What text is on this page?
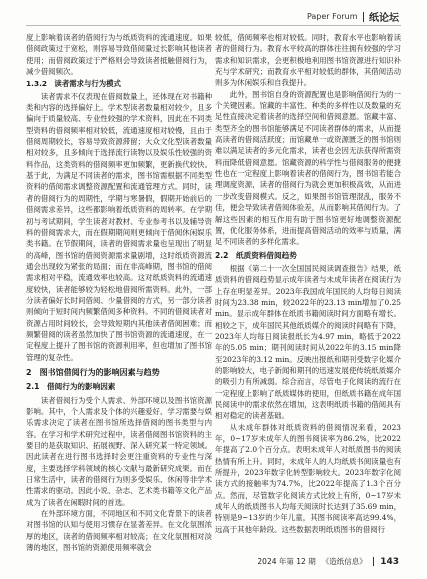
Paper Forum 纸论坛

度上影响着读者的借阅行为与纸质资料的流通速度。如果借阅政策过于宽松，则容易导致借阅量过长影响其他读者使用；而借阅政策过于严格则会导致读者抵触借阅行为，减少借阅频次。

1.3.2　读者需求与行为模式

读者需求不仅表现在借阅数量上，还体现在对书籍种类和内容的选择偏好上。学术型读者数量相对较少，且多偏向于质量较高、专业性较强的学术资料，因此在不同类型资料的借阅频率相对较低，流通速度相对较慢，且由于借阅周期较长，容易导致资源滞留；大众文化型读者数量相对较多，且多倾向于选择流行读物以及娱乐性较强的资料作品，这类资料的借阅频率更加频繁，更新换代较快。基于此，为满足不同读者的需求，图书馆需根据不同类型资料的借阅需求调整资源配置和流通管理方式。同时，读者的借阅行为的周期性，学期与寒暑假，假期开始前后的借阅需求差异，这些都影响着纸质资料的周转率。在学期初与考试期间，学生读者对教材、专业参考书以及辅导资料的借阅需求大，而在假期期间则更倾向于借阅休闲娱乐类书籍。在节假期间，读者的借阅需求量也呈现出了明显的高峰，图书馆的借阅资源需求量剧增，这时纸质资源流通会出现较为紧张的局面；而在非高峰期，图书馆的借阅需求相对平稳，流通效率也较高。这对纸质资料的流通速度较快，读者能够较为轻松地借阅所需资料。此外，一部分读者偏好长时间借阅、少量借阅的方式，另一部分读者则倾向于短时间内频繁借阅多种资料。不同的借阅读者对资源占用时间较长，会导致短期内其他读者借阅困难；而频繁借阅的读者虽然加快了图书馆资源的流通速度，在一定程度上提升了图书馆的资源利用率，但也增加了图书馆管理的复杂性。

2　图书馆借阅行为的影响因素与趋势

2.1　借阅行为的影响因素

读者借阅行为受个人需求、外部环境以及图书馆资源影响。其中，个人需求及个体的兴趣爱好、学习需要与娱乐需求决定了读者在图书馆所选择借阅的图书类型与内容。在学习和学术研究过程中，读者借阅图书馆资料的主要目的是获取知识、拓展视野、深入研究某一特定领域。因此读者在进行图书选择时会更注重资料的专业性与深度，主要选择学科领域的核心文献与最新研究成果。而在日常生活中，读者的借阅行为则多受娱乐、休闲等非学术性需求的驱动。因此小说、杂志、艺术类书籍等文化产品成为了读者在闲暇时间的首选。

在外部环境方面，不同地区和不同文化背景下的读者对图书馆的认知与使用习惯存在显著差异。在文化氛围浓厚的地区，读者的借阅频率相对较高；在文化氛围相对淡薄的地区，图书馆的资源使用频率就会

较低，借阅频率也相对较低。同时，教育水平也影响着读者的借阅行为。教育水平较高的群体往往拥有较强的学习需求和知识需求，会更积极地利用图书馆资源进行知识补充与学术研究；而教育水平相对较低的群体，其借阅活动则多为休闲娱乐和自我提升。

此外，图书馆自身的资源配置也是影响借阅行为的一个关键因素。馆藏的丰富性、种类的多样性以及数量的充足性直接决定着读者的选择空间和借阅意愿。馆藏丰富、类型齐全的图书馆能够满足不同读者群体的需求，从而提高读者的借阅活跃度；而馆藏单一或资源匮乏的图书馆则难以满足读者的多元化需求，读者也会因无法获得所需资料而降低借阅意愿。馆藏资源的科学性与借阅服务的便捷性也在一定程度上影响着读者的借阅行为，图书馆若能合理调度资源，读者的借阅行为就会更加积极高效，从而进一步改变借阅模式。反之，如果图书馆管理混乱，服务不佳，便会导致读者借阅体验差，从而影响其借阅行为。了解这些因素的相互作用有助于图书馆更好地调整资源配置，优化服务体系，进而提高借阅活动的效率与质量，满足不同读者的多样化需求。

2.2　纸质资料借阅趋势

根据《第二十一次全国国民阅读调查报告》结果，纸质资料的借阅趋势显示成年读者与未成年读者在阅读行为上存在明显差异。2023年我国成年国民的人均每日阅读时间为23.38 min，较2022年的23.13 min增加了0.25 min。显示成年群体在纸质书籍阅读时间方面略有增长。相较之下，成年国民其他纸质媒介的阅读时间略有下降，2023年人均每日阅读报纸长为4.97 min，略低于2022年的5.05 min；期刊阅读时间从2022年的3.15 min降至2023年的3.12 min。反映出报纸和期刊受数字化媒介的影响较大，电子新闻和期刊的迅速发展使传统纸质媒介的吸引力有所减弱。综合而言，尽管电子化阅读的流行在一定程度上影响了纸质媒体的使用，但纸质书籍在成年国民阅读中的需求依然在增加，这表明纸质书籍的借阅具有相对稳定的读者基础。

从未成年群体对纸质资料的借阅情况来看，2023年，0~17岁未成年人的图书阅读率为86.2%，比2022年提高了2.0个百分点。表明未成年人对纸质图书的阅读热情有所上升。同时，未成年人的人均纸质书阅读量也有所提升，2023年数字化转型影响较大。2023年数字化阅读方式的接触率为74.7%，比2022年提高了1.3个百分点。然而，尽管数字化阅读方式比较上有所，0~17岁未成年人的纸质图书人均每天阅读时长达到了35.69 min，特别是9~13岁的少年儿童，其图书阅读率高达99.4%，远高于其他年龄段。这些数据表明纸质图书的借阅行

2024 年第 12 期 《造纸信息》 143
